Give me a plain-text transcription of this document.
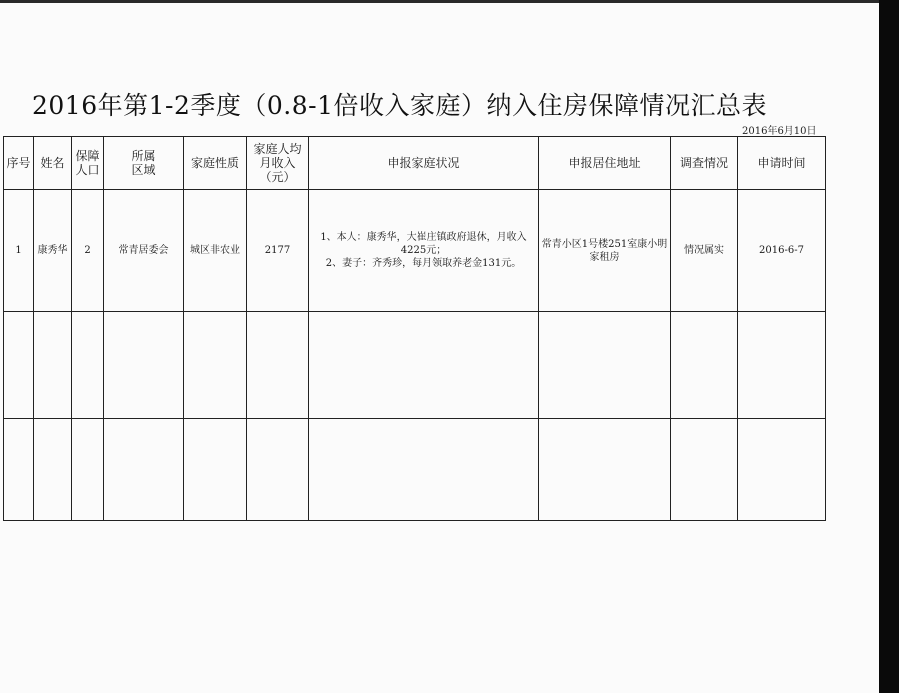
2016年第1-2季度（0.8-1倍收入家庭）纳入住房保障情况汇总表
2016年6月10日
序号	姓名	保障人口	所属区域	家庭性质	家庭人均月收入（元）	申报家庭状况	申报居住地址	调查情况	申请时间
1	康秀华	2	常青居委会	城区非农业	2177	1、本人：康秀华，大崔庄镇政府退休，月收入4225元；
2、妻子：齐秀珍，每月领取养老金131元。	常青小区1号楼251室康小明家租房	情况属实	2016-6-7
